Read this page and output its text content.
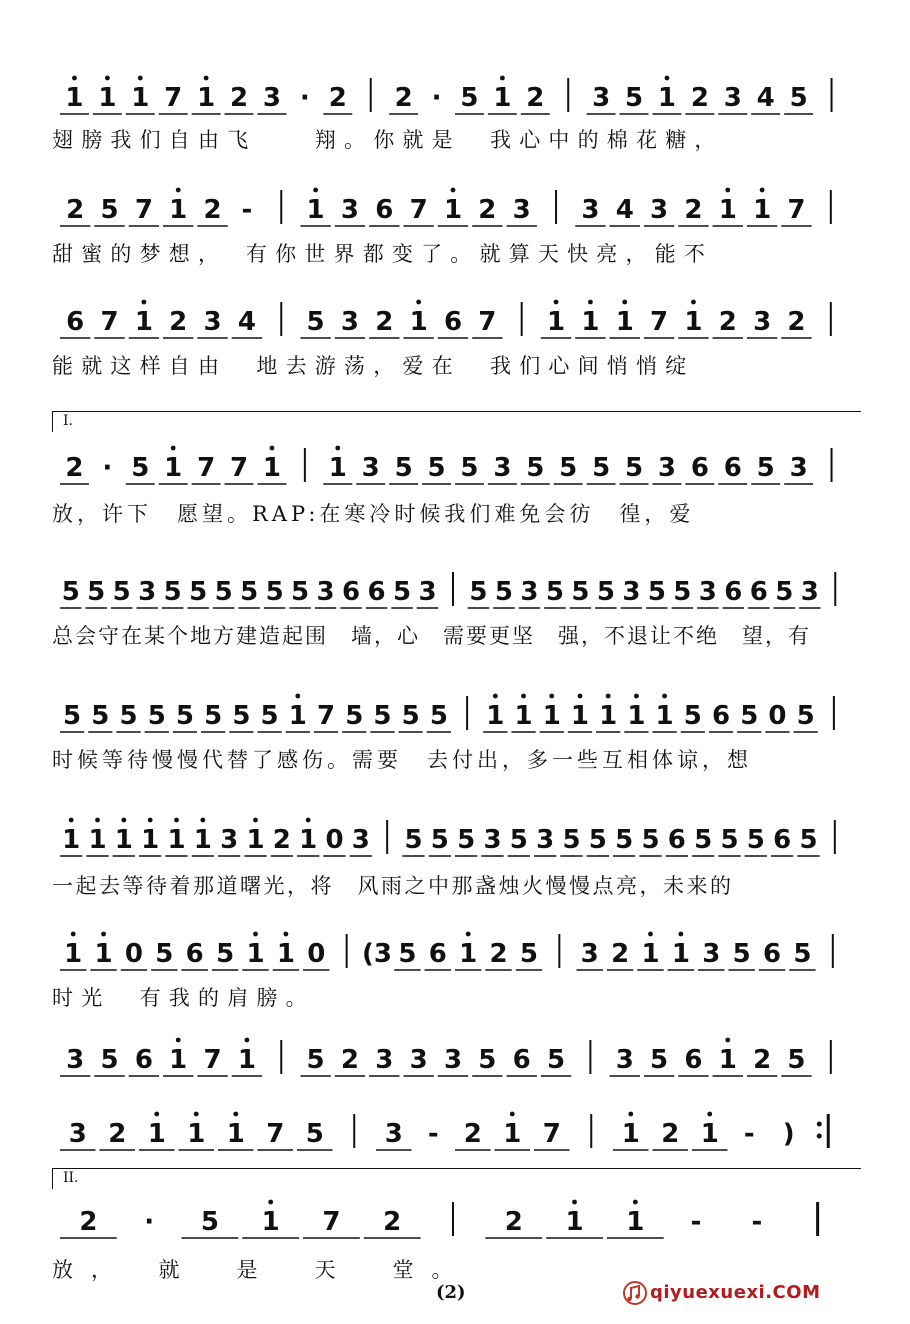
1 1 1 7 1 2 3 · 2 2 · 5 1 2 3 5 1 2 3 4 5
翅膀我们自由飞　　翔。你就是　我心中的棉花糖，
2 5 7 1 2 - 1 3 6 7 1 2 3 3 4 3 2 1 1 7
甜蜜的梦想，　有你世界都变了。就算天快亮，能不
6 7 1 2 3 4 5 3 2 1 6 7 1 1 1 7 1 2 3 2
能就这样自由　地去游荡，爱在　我们心间悄悄绽
I.
2 · 5 1 7 7 1 1 3 5 5 5 3 5 5 5 5 3 6 6 5 3
放，许下　愿望。RAP:在寒冷时候我们难免会彷　徨，爱
5 5 5 3 5 5 5 5 5 5 3 6 6 5 3 5 5 3 5 5 5 3 5 5 3 6 6 5 3
总会守在某个地方建造起围　墙，心　需要更坚　强，不退让不绝　望，有
5 5 5 5 5 5 5 5 1 7 5 5 5 5 1 1 1 1 1 1 1 5 6 5 0 5
时候等待慢慢代替了感伤。需要　去付出，多一些互相体谅，想
1 1 1 1 1 1 3 1 2 1 0 3 5 5 5 3 5 3 5 5 5 5 6 5 5 5 6 5
一起去等待着那道曙光，将　风雨之中那盏烛火慢慢点亮，未来的
1 1 0 5 6 5 1 1 0 (3 5 6 1 2 5 3 2 1 1 3 5 6 5
时光　有我的肩膀。
3 5 6 1 7 1 5 2 3 3 3 5 6 5 3 5 6 1 2 5
3 2 1 1 1 7 5 3 - 2 1 7 1 2 1 - )
II.
2 · 5 1 7 2	2 1 1 - -
放，　就　是　天　堂。
(2)	qiyuexuexi.COM
